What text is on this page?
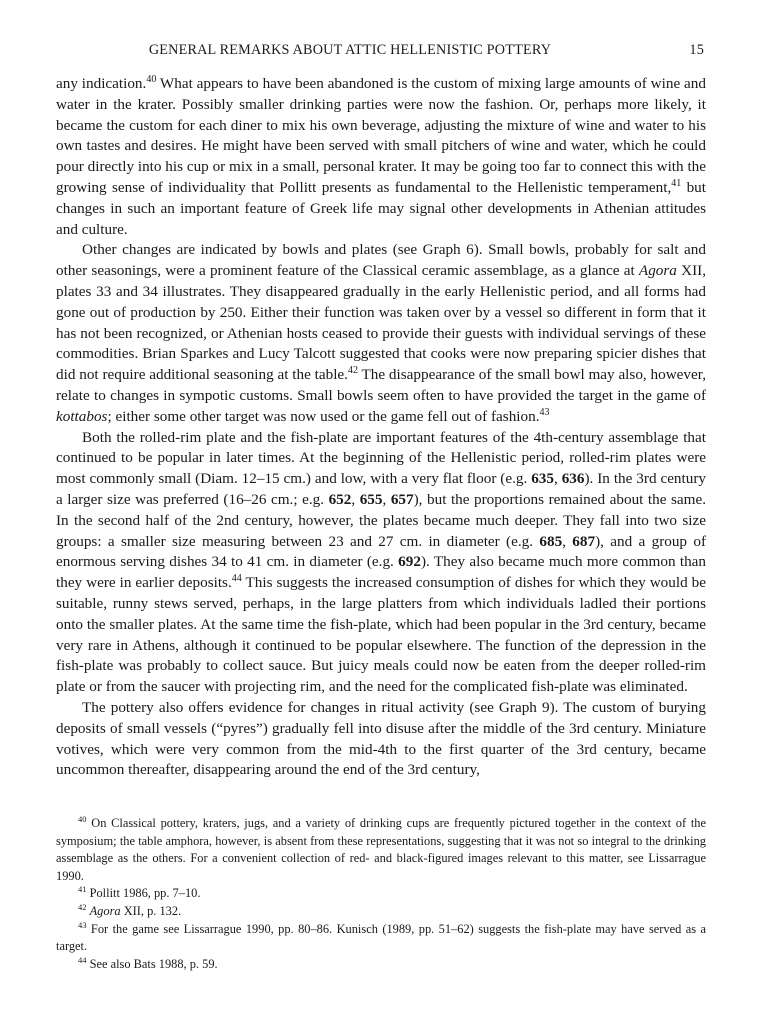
GENERAL REMARKS ABOUT ATTIC HELLENISTIC POTTERY	15

any indication.$^{40}$ What appears to have been abandoned is the custom of mixing large amounts of wine and water in the krater. Possibly smaller drinking parties were now the fashion. Or, perhaps more likely, it became the custom for each diner to mix his own beverage, adjusting the mixture of wine and water to his own tastes and desires. He might have been served with small pitchers of wine and water, which he could pour directly into his cup or mix in a small, personal krater. It may be going too far to connect this with the growing sense of individuality that Pollitt presents as fundamental to the Hellenistic temperament,$^{41}$ but changes in such an important feature of Greek life may signal other developments in Athenian attitudes and culture.

Other changes are indicated by bowls and plates (see Graph 6). Small bowls, probably for salt and other seasonings, were a prominent feature of the Classical ceramic assemblage, as a glance at Agora XII, plates 33 and 34 illustrates. They disappeared gradually in the early Hellenistic period, and all forms had gone out of production by 250. Either their function was taken over by a vessel so different in form that it has not been recognized, or Athenian hosts ceased to provide their guests with individual servings of these commodities. Brian Sparkes and Lucy Talcott suggested that cooks were now preparing spicier dishes that did not require additional seasoning at the table.$^{42}$ The disappearance of the small bowl may also, however, relate to changes in sympotic customs. Small bowls seem often to have provided the target in the game of kottabos; either some other target was now used or the game fell out of fashion.$^{43}$

Both the rolled-rim plate and the fish-plate are important features of the 4th-century assemblage that continued to be popular in later times. At the beginning of the Hellenistic period, rolled-rim plates were most commonly small (Diam. 12–15 cm.) and low, with a very flat floor (e.g. 635, 636). In the 3rd century a larger size was preferred (16–26 cm.; e.g. 652, 655, 657), but the proportions remained about the same. In the second half of the 2nd century, however, the plates became much deeper. They fall into two size groups: a smaller size measuring between 23 and 27 cm. in diameter (e.g. 685, 687), and a group of enormous serving dishes 34 to 41 cm. in diameter (e.g. 692). They also became much more common than they were in earlier deposits.$^{44}$ This suggests the increased consumption of dishes for which they would be suitable, runny stews served, perhaps, in the large platters from which individuals ladled their portions onto the smaller plates. At the same time the fish-plate, which had been popular in the 3rd century, became very rare in Athens, although it continued to be popular elsewhere. The function of the depression in the fish-plate was probably to collect sauce. But juicy meals could now be eaten from the deeper rolled-rim plate or from the saucer with projecting rim, and the need for the complicated fish-plate was eliminated.

The pottery also offers evidence for changes in ritual activity (see Graph 9). The custom of burying deposits of small vessels (“pyres”) gradually fell into disuse after the middle of the 3rd century. Miniature votives, which were very common from the mid-4th to the first quarter of the 3rd century, became uncommon thereafter, disappearing around the end of the 3rd century,

$^{40}$ On Classical pottery, kraters, jugs, and a variety of drinking cups are frequently pictured together in the context of the symposium; the table amphora, however, is absent from these representations, suggesting that it was not so integral to the drinking assemblage as the others. For a convenient collection of red- and black-figured images relevant to this matter, see Lissarrague 1990.

$^{41}$ Pollitt 1986, pp. 7–10.

$^{42}$ Agora XII, p. 132.

$^{43}$ For the game see Lissarrague 1990, pp. 80–86. Kunisch (1989, pp. 51–62) suggests the fish-plate may have served as a target.

$^{44}$ See also Bats 1988, p. 59.
